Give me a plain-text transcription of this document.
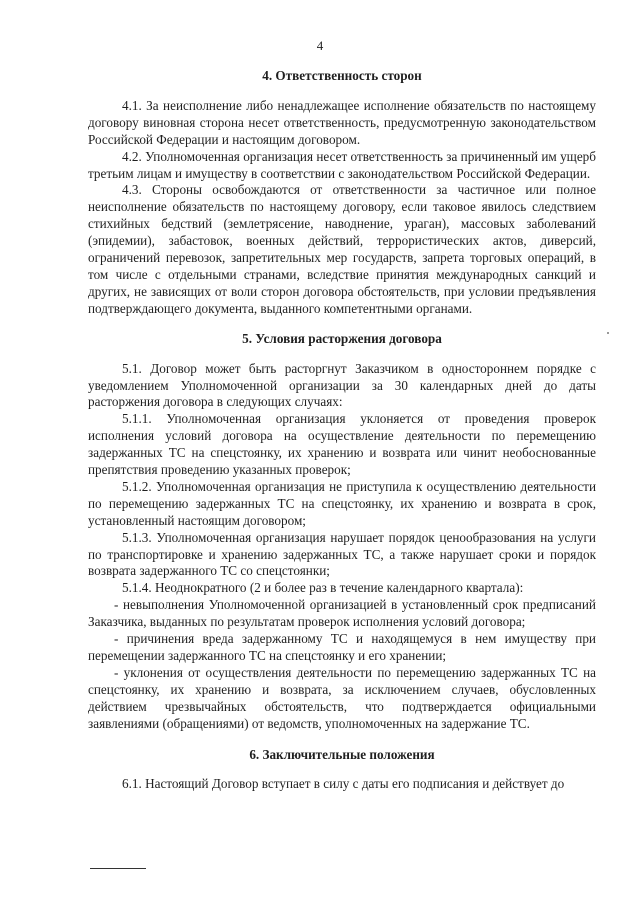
4
4. Ответственность сторон

4.1. За неисполнение либо ненадлежащее исполнение обязательств по настоящему договору виновная сторона несет ответственность, предусмотренную законодательством Российской Федерации и настоящим договором.

4.2. Уполномоченная организация несет ответственность за причиненный им ущерб третьим лицам и имуществу в соответствии с законодательством Российской Федерации.

4.3. Стороны освобождаются от ответственности за частичное или полное неисполнение обязательств по настоящему договору, если таковое явилось следствием стихийных бедствий (землетрясение, наводнение, ураган), массовых заболеваний (эпидемии), забастовок, военных действий, террористических актов, диверсий, ограничений перевозок, запретительных мер государств, запрета торговых операций, в том числе с отдельными странами, вследствие принятия международных санкций и других, не зависящих от воли сторон договора обстоятельств, при условии предъявления подтверждающего документа, выданного компетентными органами.

5. Условия расторжения договора

5.1. Договор может быть расторгнут Заказчиком в одностороннем порядке с уведомлением Уполномоченной организации за 30 календарных дней до даты расторжения договора в следующих случаях:

5.1.1. Уполномоченная организация уклоняется от проведения проверок исполнения условий договора на осуществление деятельности по перемещению задержанных ТС на спецстоянку, их хранению и возврата или чинит необоснованные препятствия проведению указанных проверок;

5.1.2. Уполномоченная организация не приступила к осуществлению деятельности по перемещению задержанных ТС на спецстоянку, их хранению и возврата в срок, установленный настоящим договором;

5.1.3. Уполномоченная организация нарушает порядок ценообразования на услуги по транспортировке и хранению задержанных ТС, а также нарушает сроки и порядок возврата задержанного ТС со спецстоянки;

5.1.4. Неоднократного (2 и более раз в течение календарного квартала):

- невыполнения Уполномоченной организацией в установленный срок предписаний Заказчика, выданных по результатам проверок исполнения условий договора;

- причинения вреда задержанному ТС и находящемуся в нем имуществу при перемещении задержанного ТС на спецстоянку и его хранении;

- уклонения от осуществления деятельности по перемещению задержанных ТС на спецстоянку, их хранению и возврата, за исключением случаев, обусловленных действием чрезвычайных обстоятельств, что подтверждается официальными заявлениями (обращениями) от ведомств, уполномоченных на задержание ТС.

6. Заключительные положения

6.1. Настоящий Договор вступает в силу с даты его подписания и действует до
